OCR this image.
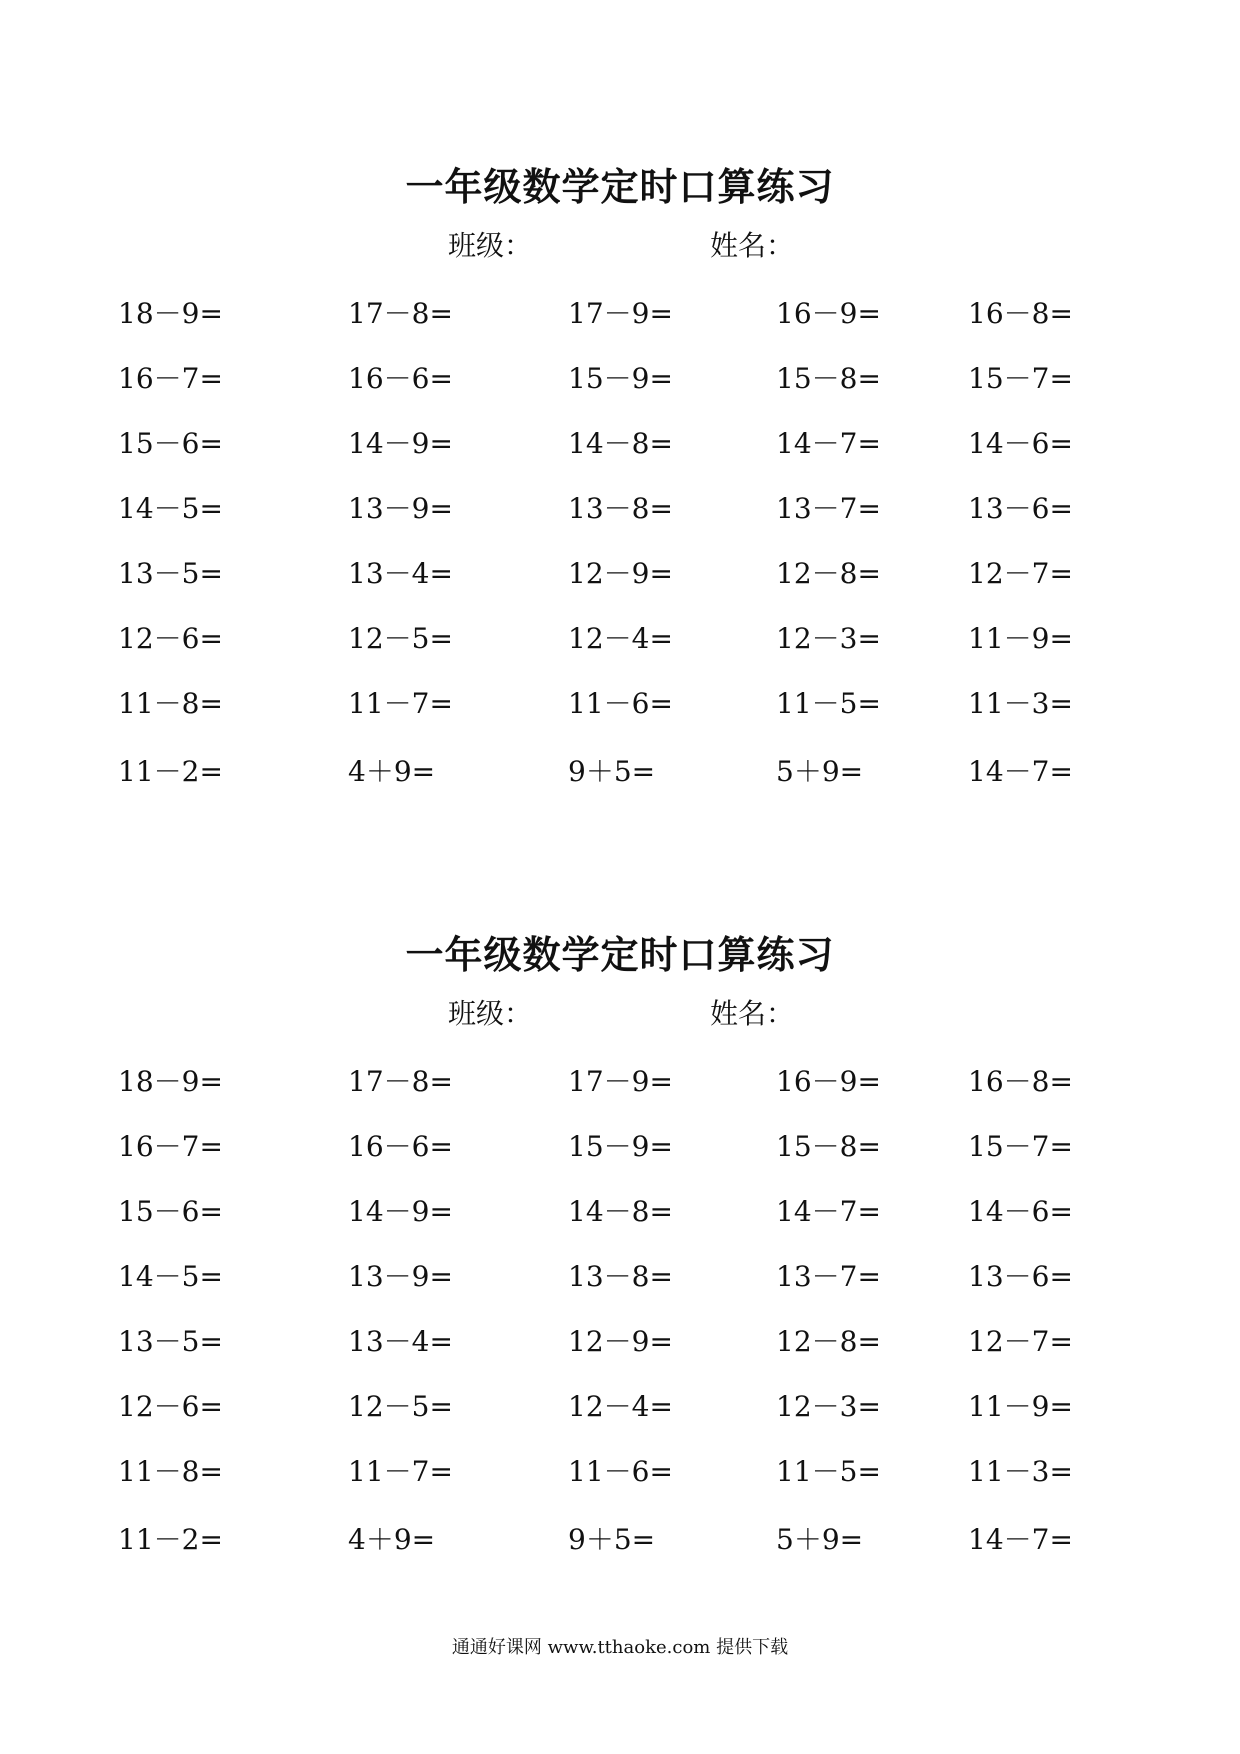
一年级数学定时口算练习
班级：	姓名：
18－9=	17－8=	17－9=	16－9=	16－8=
16－7=	16－6=	15－9=	15－8=	15－7=
15－6=	14－9=	14－8=	14－7=	14－6=
14－5=	13－9=	13－8=	13－7=	13－6=
13－5=	13－4=	12－9=	12－8=	12－7=
12－6=	12－5=	12－4=	12－3=	11－9=
11－8=	11－7=	11－6=	11－5=	11－3=
11－2=	4＋9=	9＋5=	5＋9=	14－7=
一年级数学定时口算练习
班级：	姓名：
18－9=	17－8=	17－9=	16－9=	16－8=
16－7=	16－6=	15－9=	15－8=	15－7=
15－6=	14－9=	14－8=	14－7=	14－6=
14－5=	13－9=	13－8=	13－7=	13－6=
13－5=	13－4=	12－9=	12－8=	12－7=
12－6=	12－5=	12－4=	12－3=	11－9=
11－8=	11－7=	11－6=	11－5=	11－3=
11－2=	4＋9=	9＋5=	5＋9=	14－7=
通通好课网 www.tthaoke.com 提供下载
